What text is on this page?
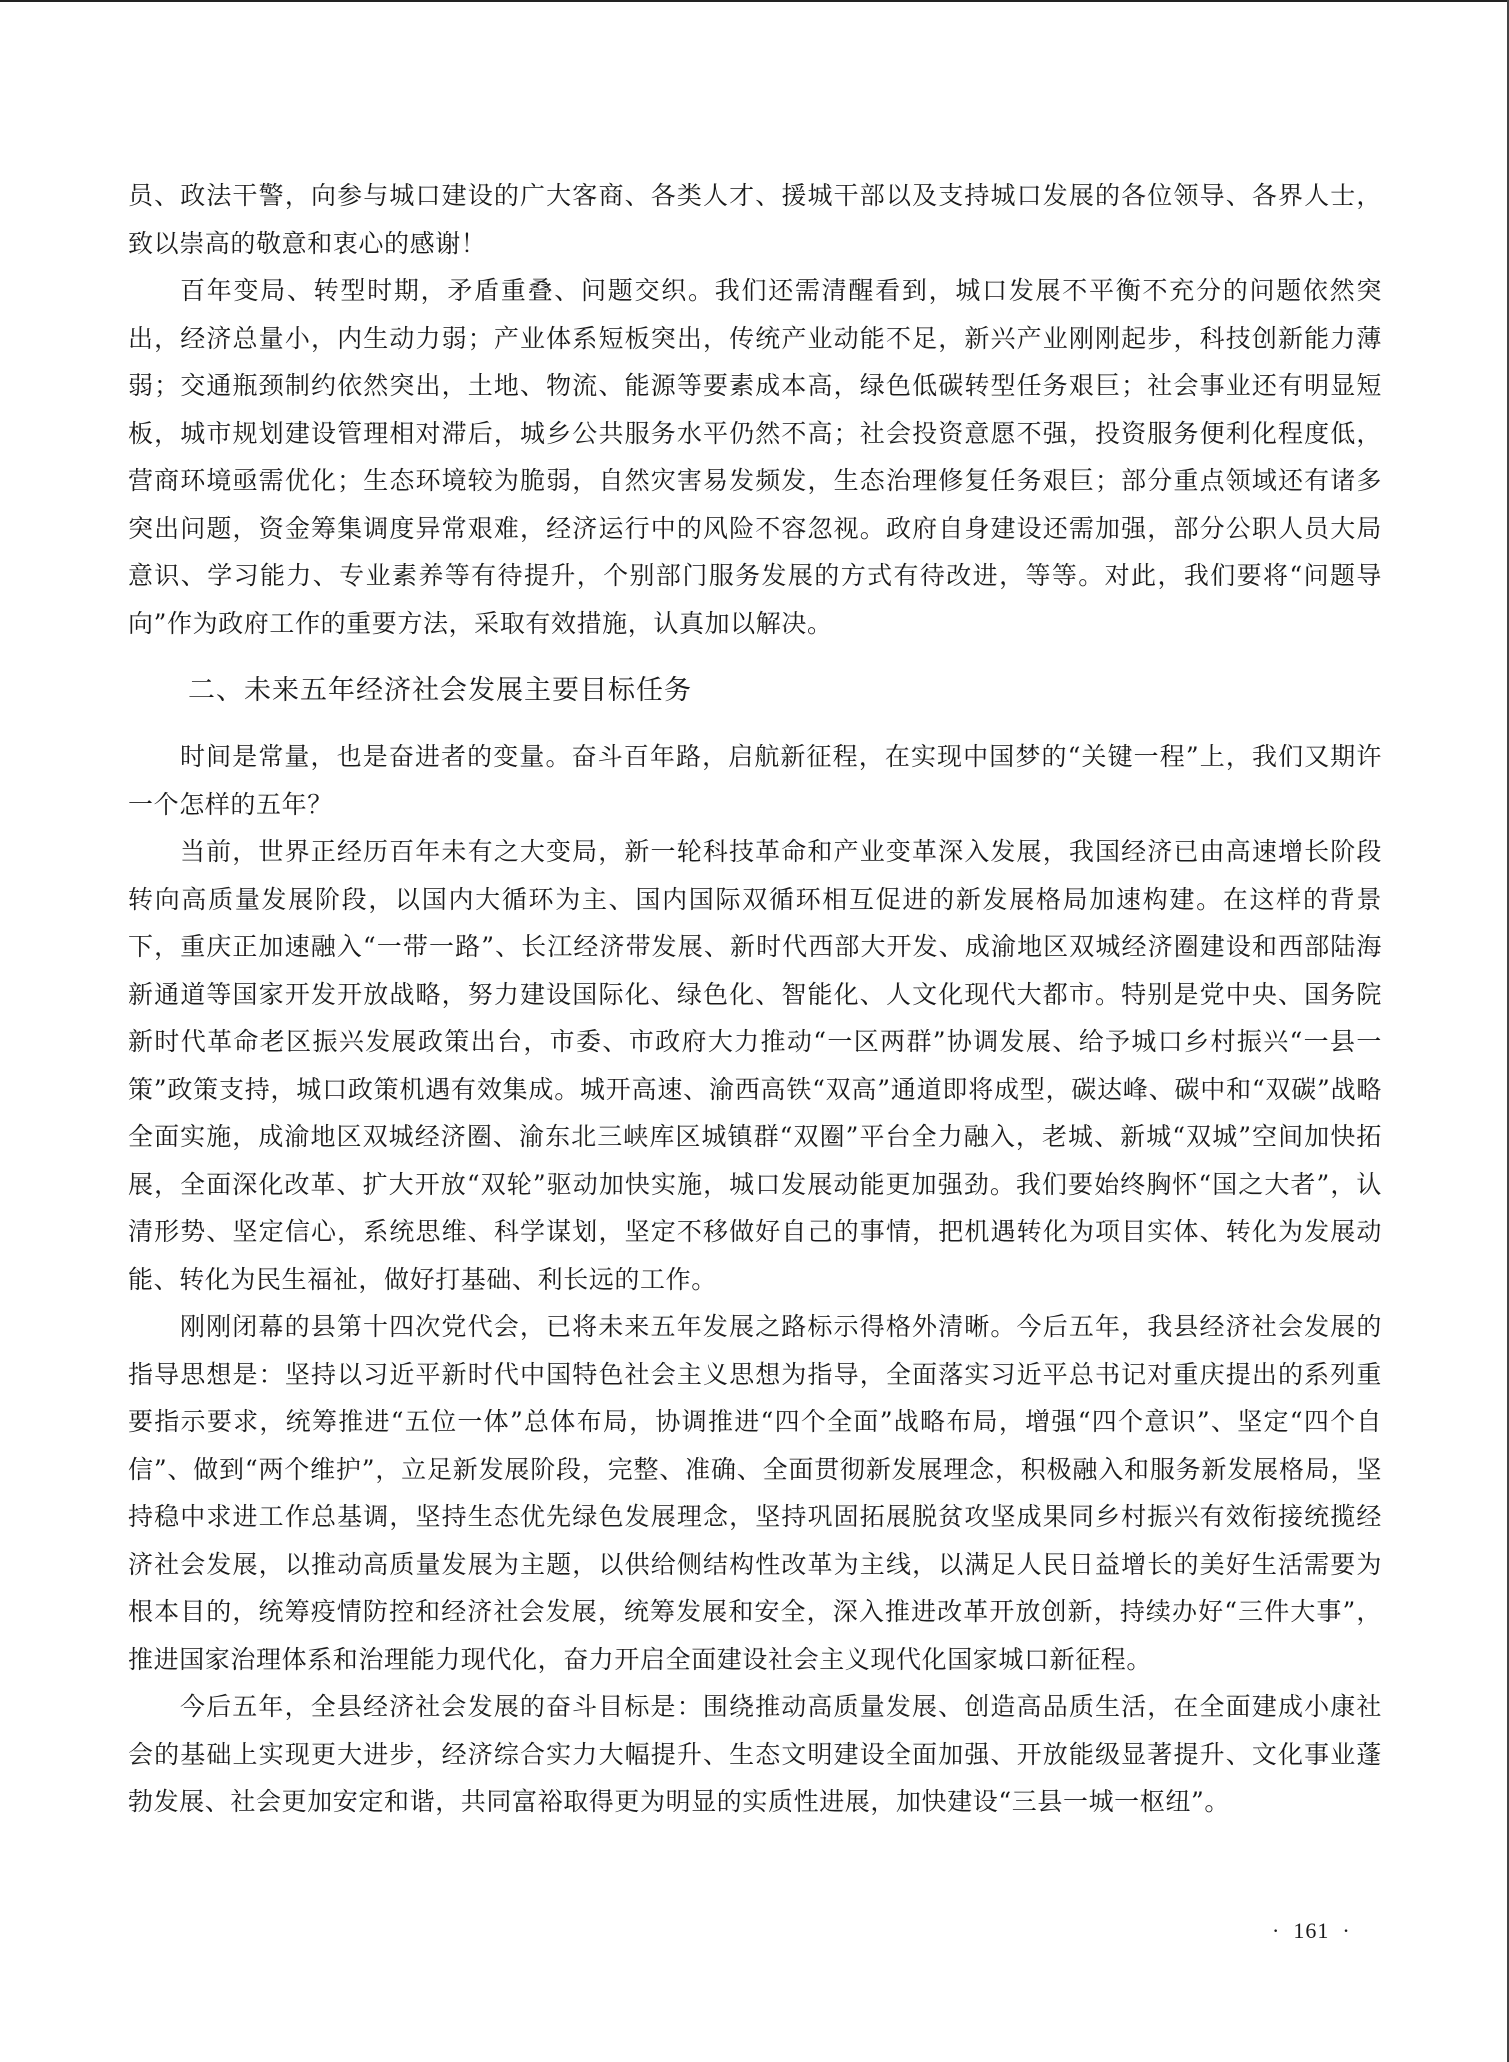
员、政法干警，向参与城口建设的广大客商、各类人才、援城干部以及支持城口发展的各位领导、各界人士，致以崇高的敬意和衷心的感谢！

百年变局、转型时期，矛盾重叠、问题交织。我们还需清醒看到，城口发展不平衡不充分的问题依然突出，经济总量小，内生动力弱；产业体系短板突出，传统产业动能不足，新兴产业刚刚起步，科技创新能力薄弱；交通瓶颈制约依然突出，土地、物流、能源等要素成本高，绿色低碳转型任务艰巨；社会事业还有明显短板，城市规划建设管理相对滞后，城乡公共服务水平仍然不高；社会投资意愿不强，投资服务便利化程度低，营商环境亟需优化；生态环境较为脆弱，自然灾害易发频发，生态治理修复任务艰巨；部分重点领域还有诸多突出问题，资金筹集调度异常艰难，经济运行中的风险不容忽视。政府自身建设还需加强，部分公职人员大局意识、学习能力、专业素养等有待提升，个别部门服务发展的方式有待改进，等等。对此，我们要将“问题导向”作为政府工作的重要方法，采取有效措施，认真加以解决。

二、未来五年经济社会发展主要目标任务

时间是常量，也是奋进者的变量。奋斗百年路，启航新征程，在实现中国梦的“关键一程”上，我们又期许一个怎样的五年？

当前，世界正经历百年未有之大变局，新一轮科技革命和产业变革深入发展，我国经济已由高速增长阶段转向高质量发展阶段，以国内大循环为主、国内国际双循环相互促进的新发展格局加速构建。在这样的背景下，重庆正加速融入“一带一路”、长江经济带发展、新时代西部大开发、成渝地区双城经济圈建设和西部陆海新通道等国家开发开放战略，努力建设国际化、绿色化、智能化、人文化现代大都市。特别是党中央、国务院新时代革命老区振兴发展政策出台，市委、市政府大力推动“一区两群”协调发展、给予城口乡村振兴“一县一策”政策支持，城口政策机遇有效集成。城开高速、渝西高铁“双高”通道即将成型，碳达峰、碳中和“双碳”战略全面实施，成渝地区双城经济圈、渝东北三峡库区城镇群“双圈”平台全力融入，老城、新城“双城”空间加快拓展，全面深化改革、扩大开放“双轮”驱动加快实施，城口发展动能更加强劲。我们要始终胸怀“国之大者”，认清形势、坚定信心，系统思维、科学谋划，坚定不移做好自己的事情，把机遇转化为项目实体、转化为发展动能、转化为民生福祉，做好打基础、利长远的工作。

刚刚闭幕的县第十四次党代会，已将未来五年发展之路标示得格外清晰。今后五年，我县经济社会发展的指导思想是：坚持以习近平新时代中国特色社会主义思想为指导，全面落实习近平总书记对重庆提出的系列重要指示要求，统筹推进“五位一体”总体布局，协调推进“四个全面”战略布局，增强“四个意识”、坚定“四个自信”、做到“两个维护”，立足新发展阶段，完整、准确、全面贯彻新发展理念，积极融入和服务新发展格局，坚持稳中求进工作总基调，坚持生态优先绿色发展理念，坚持巩固拓展脱贫攻坚成果同乡村振兴有效衔接统揽经济社会发展，以推动高质量发展为主题，以供给侧结构性改革为主线，以满足人民日益增长的美好生活需要为根本目的，统筹疫情防控和经济社会发展，统筹发展和安全，深入推进改革开放创新，持续办好“三件大事”，推进国家治理体系和治理能力现代化，奋力开启全面建设社会主义现代化国家城口新征程。

今后五年，全县经济社会发展的奋斗目标是：围绕推动高质量发展、创造高品质生活，在全面建成小康社会的基础上实现更大进步，经济综合实力大幅提升、生态文明建设全面加强、开放能级显著提升、文化事业蓬勃发展、社会更加安定和谐，共同富裕取得更为明显的实质性进展，加快建设“三县一城一枢纽”。

·  161  ·
